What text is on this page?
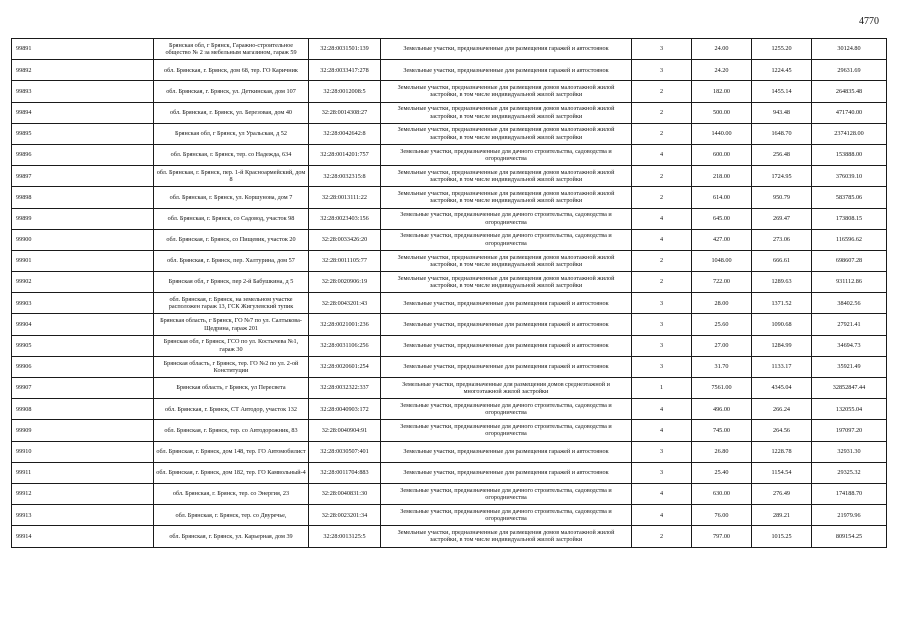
4770
99891	Брянская обл, г Брянск, Гаражно-строительное общество № 2 за мебельным магазином, гараж 59	32:28:0031501:139	Земельные участки, предназначенные для размещения гаражей и автостоянок	3	24.00	1255.20	30124.80
99892	обл. Брянская, г. Брянск, дом 68, тер. ГО Каричник	32:28:0033417:278	Земельные участки, предназначенные для размещения гаражей и автостоянок	3	24.20	1224.45	29631.69
99893	обл. Брянская, г. Брянск, ул. Деткинская, дом 107	32:28:0012008:5	Земельные участки, предназначенные для размещения домов малоэтажной жилой застройки, в том числе индивидуальной жилой застройки	2	182.00	1455.14	264835.48
99894	обл. Брянская, г. Брянск, ул. Березовая, дом 40	32:28:0014308:27	Земельные участки, предназначенные для размещения домов малоэтажной жилой застройки, в том числе индивидуальной жилой застройки	2	500.00	943.48	471740.00
99895	Брянская обл, г Брянск, ул Уральская, д 52	32:28:0042642:8	Земельные участки, предназначенные для размещения домов малоэтажной жилой застройки, в том числе индивидуальной жилой застройки	2	1440.00	1648.70	2374128.00
99896	обл. Брянская, г. Брянск, тер. со Надежда, 634	32:28:0014201:757	Земельные участки, предназначенные для дачного строительства, садоводства и огородничества	4	600.00	256.48	153888.00
99897	обл. Брянская, г. Брянск, пер. 1-й Красноармейский, дом 8	32:28:0032315:8	Земельные участки, предназначенные для размещения домов малоэтажной жилой застройки, в том числе индивидуальной жилой застройки	2	218.00	1724.95	376039.10
99898	обл. Брянская, г. Брянск, ул. Коршунова, дом 7	32:28:0013111:22	Земельные участки, предназначенные для размещения домов малоэтажной жилой застройки, в том числе индивидуальной жилой застройки	2	614.00	950.79	583785.06
99899	обл. Брянская, г. Брянск, со Садовод, участок 98	32:28:0023403:156	Земельные участки, предназначенные для дачного строительства, садоводства и огородничества	4	645.00	269.47	173808.15
99900	обл. Брянская, г. Брянск, со Пищевик, участок 20	32:28:0033426:20	Земельные участки, предназначенные для дачного строительства, садоводства и огородничества	4	427.00	273.06	116596.62
99901	обл. Брянская, г. Брянск, пер. Халтурина, дом 57	32:28:0011105:77	Земельные участки, предназначенные для размещения домов малоэтажной жилой застройки, в том числе индивидуальной жилой застройки	2	1048.00	666.61	698607.28
99902	Брянская обл, г Брянск, пер 2-й Бабушкина, д 5	32:28:0020906:19	Земельные участки, предназначенные для размещения домов малоэтажной жилой застройки, в том числе индивидуальной жилой застройки	2	722.00	1289.63	931112.86
99903	обл. Брянская, г. Брянск, на земельном участке расположен гараж 13, ГСК Жигулевский тупик	32:28:0043201:43	Земельные участки, предназначенные для размещения гаражей и автостоянок	3	28.00	1371.52	38402.56
99904	Брянская область, г Брянск, ГО №7 по ул. Салтыкова-Щедрина, гараж 201	32:28:0021001:236	Земельные участки, предназначенные для размещения гаражей и автостоянок	3	25.60	1090.68	27921.41
99905	Брянская обл, г Брянск, ГСО по ул. Костычева №1, гараж 30	32:28:0031106:256	Земельные участки, предназначенные для размещения гаражей и автостоянок	3	27.00	1284.99	34694.73
99906	Брянская область, г Брянск, тер. ГО №2 по ул. 2-ой Конституции	32:28:0020601:254	Земельные участки, предназначенные для размещения гаражей и автостоянок	3	31.70	1133.17	35921.49
99907	Брянская область, г Брянск, ул Пересвета	32:28:0032322:337	Земельные участки, предназначенные для размещения домов среднеэтажной и многоэтажной жилой застройки	1	7561.00	4345.04	32852847.44
99908	обл. Брянская, г. Брянск, СТ Автодор, участок 132	32:28:0040903:172	Земельные участки, предназначенные для дачного строительства, садоводства и огородничества	4	496.00	266.24	132055.04
99909	обл. Брянская, г. Брянск, тер. со Автодорожник, 83	32:28:0040904:91	Земельные участки, предназначенные для дачного строительства, садоводства и огородничества	4	745.00	264.56	197097.20
99910	обл. Брянская, г. Брянск, дом 148, тер. ГО Автомобилист	32:28:0030507:401	Земельные участки, предназначенные для размещения гаражей и автостоянок	3	26.80	1228.78	32931.30
99911	обл. Брянская, г. Брянск, дом 182, тер. ГО Камвольный-4	32:28:0011704:883	Земельные участки, предназначенные для размещения гаражей и автостоянок	3	25.40	1154.54	29325.32
99912	обл. Брянская, г. Брянск, тер. со Энергия, 23	32:28:0040831:30	Земельные участки, предназначенные для дачного строительства, садоводства и огородничества	4	630.00	276.49	174188.70
99913	обл. Брянская, г. Брянск, тер. со Двуречье,	32:28:0023201:34	Земельные участки, предназначенные для дачного строительства, садоводства и огородничества	4	76.00	289.21	21979.96
99914	обл. Брянская, г. Брянск, ул. Карьерная, дом 39	32:28:0013125:5	Земельные участки, предназначенные для размещения домов малоэтажной жилой застройки, в том числе индивидуальной жилой застройки	2	797.00	1015.25	809154.25
